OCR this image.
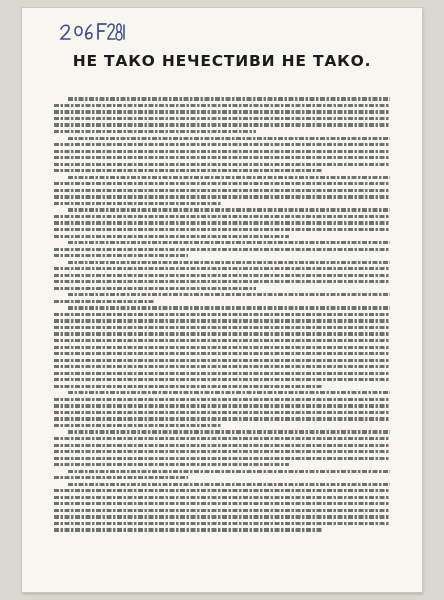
НЕ ТАКО НЕЧЕСТИВИ НЕ ТАКО.
